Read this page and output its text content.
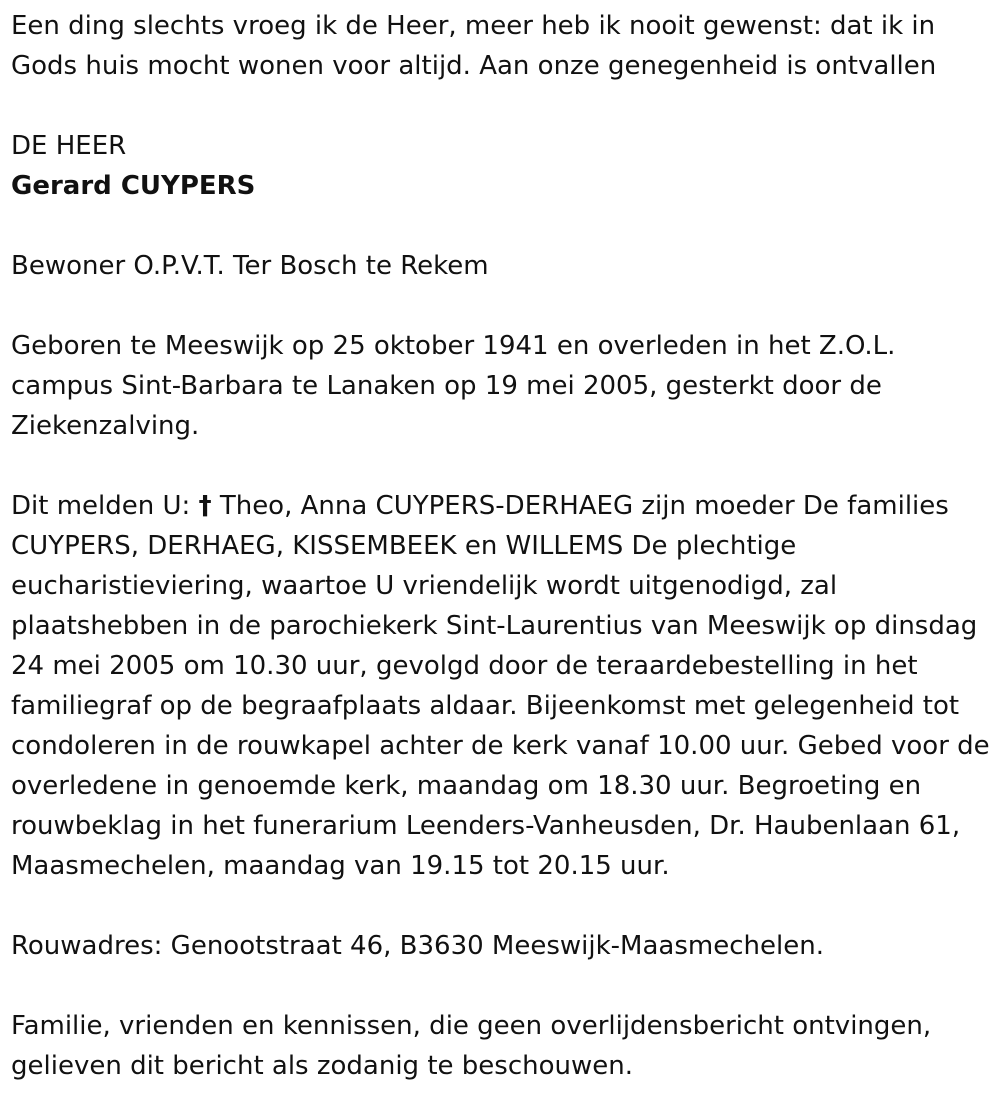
Een ding slechts vroeg ik de Heer, meer heb ik nooit gewenst: dat ik in Gods huis mocht wonen voor altijd. Aan onze genegenheid is ontvallen

DE HEER

Gerard CUYPERS

Bewoner O.P.V.T. Ter Bosch te Rekem

Geboren te Meeswijk op 25 oktober 1941 en overleden in het Z.O.L. campus Sint-Barbara te Lanaken op 19 mei 2005, gesterkt door de Ziekenzalving.

Dit melden U: † Theo, Anna CUYPERS-DERHAEG zijn moeder De families CUYPERS, DERHAEG, KISSEMBEEK en WILLEMS De plechtige eucharistieviering, waartoe U vriendelijk wordt uitgenodigd, zal plaatshebben in de parochiekerk Sint-Laurentius van Meeswijk op dinsdag 24 mei 2005 om 10.30 uur, gevolgd door de teraardebestelling in het familiegraf op de begraafplaats aldaar. Bijeenkomst met gelegenheid tot condoleren in de rouwkapel achter de kerk vanaf 10.00 uur. Gebed voor de overledene in genoemde kerk, maandag om 18.30 uur. Begroeting en rouwbeklag in het funerarium Leenders-Vanheusden, Dr. Haubenlaan 61, Maasmechelen, maandag van 19.15 tot 20.15 uur.

Rouwadres: Genootstraat 46, B3630 Meeswijk-Maasmechelen.

Familie, vrienden en kennissen, die geen overlijdensbericht ontvingen, gelieven dit bericht als zodanig te beschouwen.
